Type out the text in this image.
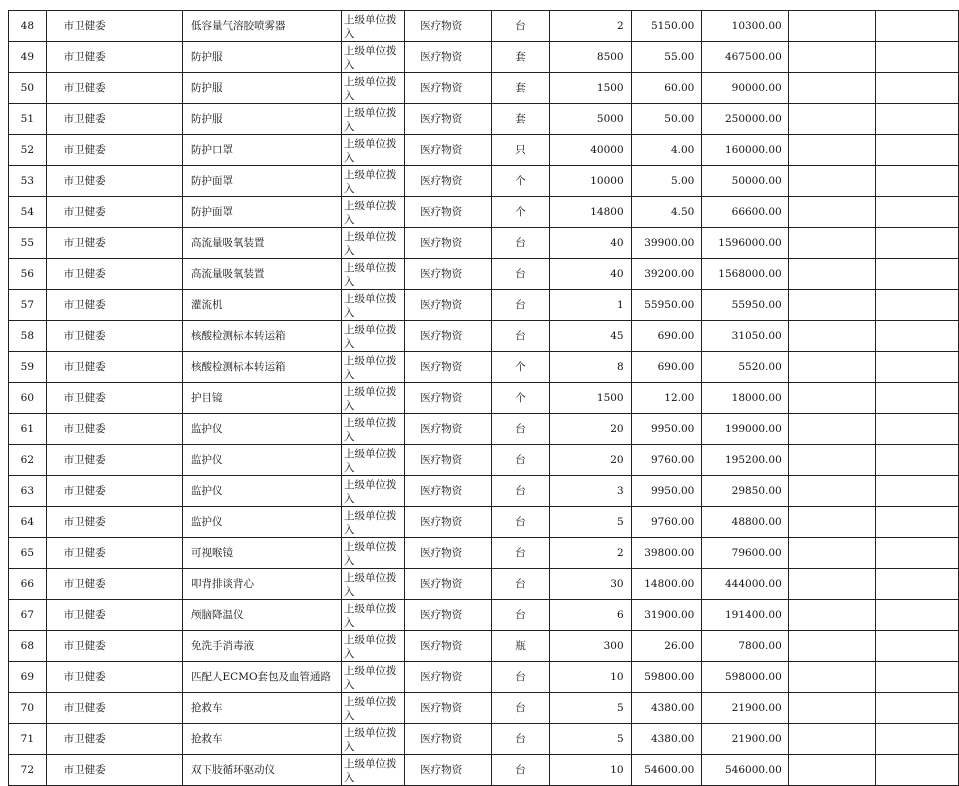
48	市卫健委	低容量气溶胶喷雾器	上级单位拨入	医疗物资	台	2	5150.00	10300.00		
49	市卫健委	防护服	上级单位拨入	医疗物资	套	8500	55.00	467500.00		
50	市卫健委	防护服	上级单位拨入	医疗物资	套	1500	60.00	90000.00		
51	市卫健委	防护服	上级单位拨入	医疗物资	套	5000	50.00	250000.00		
52	市卫健委	防护口罩	上级单位拨入	医疗物资	只	40000	4.00	160000.00		
53	市卫健委	防护面罩	上级单位拨入	医疗物资	个	10000	5.00	50000.00		
54	市卫健委	防护面罩	上级单位拨入	医疗物资	个	14800	4.50	66600.00		
55	市卫健委	高流量吸氧装置	上级单位拨入	医疗物资	台	40	39900.00	1596000.00		
56	市卫健委	高流量吸氧装置	上级单位拨入	医疗物资	台	40	39200.00	1568000.00		
57	市卫健委	灌流机	上级单位拨入	医疗物资	台	1	55950.00	55950.00		
58	市卫健委	核酸检测标本转运箱	上级单位拨入	医疗物资	台	45	690.00	31050.00		
59	市卫健委	核酸检测标本转运箱	上级单位拨入	医疗物资	个	8	690.00	5520.00		
60	市卫健委	护目镜	上级单位拨入	医疗物资	个	1500	12.00	18000.00		
61	市卫健委	监护仪	上级单位拨入	医疗物资	台	20	9950.00	199000.00		
62	市卫健委	监护仪	上级单位拨入	医疗物资	台	20	9760.00	195200.00		
63	市卫健委	监护仪	上级单位拨入	医疗物资	台	3	9950.00	29850.00		
64	市卫健委	监护仪	上级单位拨入	医疗物资	台	5	9760.00	48800.00		
65	市卫健委	可视喉镜	上级单位拨入	医疗物资	台	2	39800.00	79600.00		
66	市卫健委	叩背排谈背心	上级单位拨入	医疗物资	台	30	14800.00	444000.00		
67	市卫健委	颅脑降温仪	上级单位拨入	医疗物资	台	6	31900.00	191400.00		
68	市卫健委	免洗手消毒液	上级单位拨入	医疗物资	瓶	300	26.00	7800.00		
69	市卫健委	匹配人ECMO套包及血管通路	上级单位拨入	医疗物资	台	10	59800.00	598000.00		
70	市卫健委	抢救车	上级单位拨入	医疗物资	台	5	4380.00	21900.00		
71	市卫健委	抢救车	上级单位拨入	医疗物资	台	5	4380.00	21900.00		
72	市卫健委	双下肢循环驱动仪	上级单位拨入	医疗物资	台	10	54600.00	546000.00		
